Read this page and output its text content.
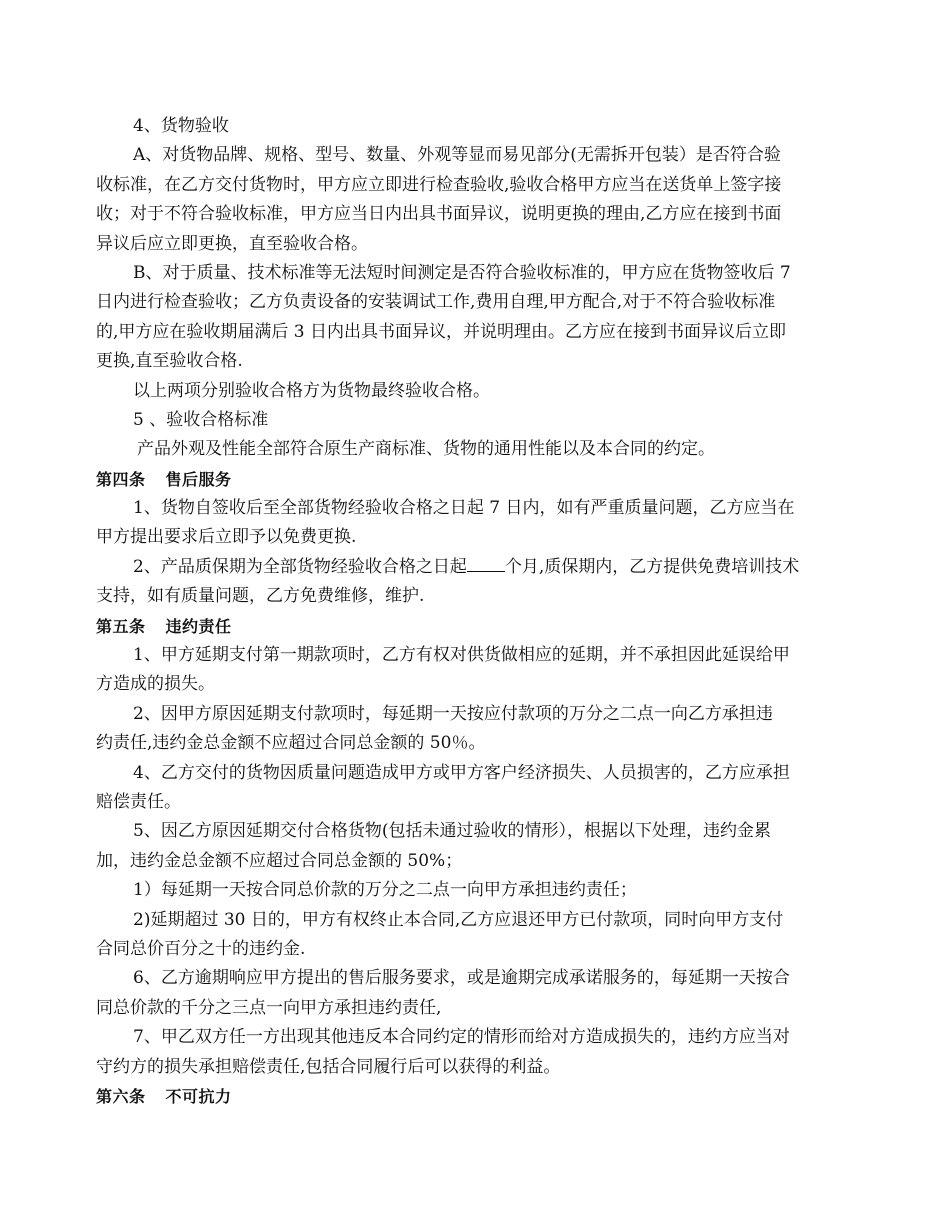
4、货物验收
A、对货物品牌、规格、型号、数量、外观等显而易见部分(无需拆开包装）是否符合验
收标准，在乙方交付货物时，甲方应立即进行检查验收,验收合格甲方应当在送货单上签字接
收；对于不符合验收标准，甲方应当日内出具书面异议，说明更换的理由,乙方应在接到书面
异议后应立即更换，直至验收合格。
B、对于质量、技术标准等无法短时间测定是否符合验收标准的，甲方应在货物签收后 7
日内进行检查验收；乙方负责设备的安装调试工作,费用自理,甲方配合,对于不符合验收标准
的,甲方应在验收期届满后 3 日内出具书面异议，并说明理由。乙方应在接到书面异议后立即
更换,直至验收合格.
以上两项分别验收合格方为货物最终验收合格。
5 、验收合格标准
产品外观及性能全部符合原生产商标准、货物的通用性能以及本合同的约定。
第四条 售后服务
1、货物自签收后至全部货物经验收合格之日起 7 日内，如有严重质量问题，乙方应当在
甲方提出要求后立即予以免费更换.
2、产品质保期为全部货物经验收合格之日起 个月,质保期内，乙方提供免费培训技术
支持，如有质量问题，乙方免费维修，维护.
第五条 违约责任
1、甲方延期支付第一期款项时，乙方有权对供货做相应的延期，并不承担因此延误给甲
方造成的损失。
2、因甲方原因延期支付款项时，每延期一天按应付款项的万分之二点一向乙方承担违
约责任,违约金总金额不应超过合同总金额的 50％。
4、乙方交付的货物因质量问题造成甲方或甲方客户经济损失、人员损害的，乙方应承担
赔偿责任。
5、因乙方原因延期交付合格货物(包括未通过验收的情形），根据以下处理，违约金累
加，违约金总金额不应超过合同总金额的 50%；
1）每延期一天按合同总价款的万分之二点一向甲方承担违约责任；
2)延期超过 30 日的，甲方有权终止本合同,乙方应退还甲方已付款项，同时向甲方支付
合同总价百分之十的违约金.
6、乙方逾期响应甲方提出的售后服务要求，或是逾期完成承诺服务的，每延期一天按合
同总价款的千分之三点一向甲方承担违约责任,
7、甲乙双方任一方出现其他违反本合同约定的情形而给对方造成损失的，违约方应当对
守约方的损失承担赔偿责任,包括合同履行后可以获得的利益。
第六条 不可抗力
